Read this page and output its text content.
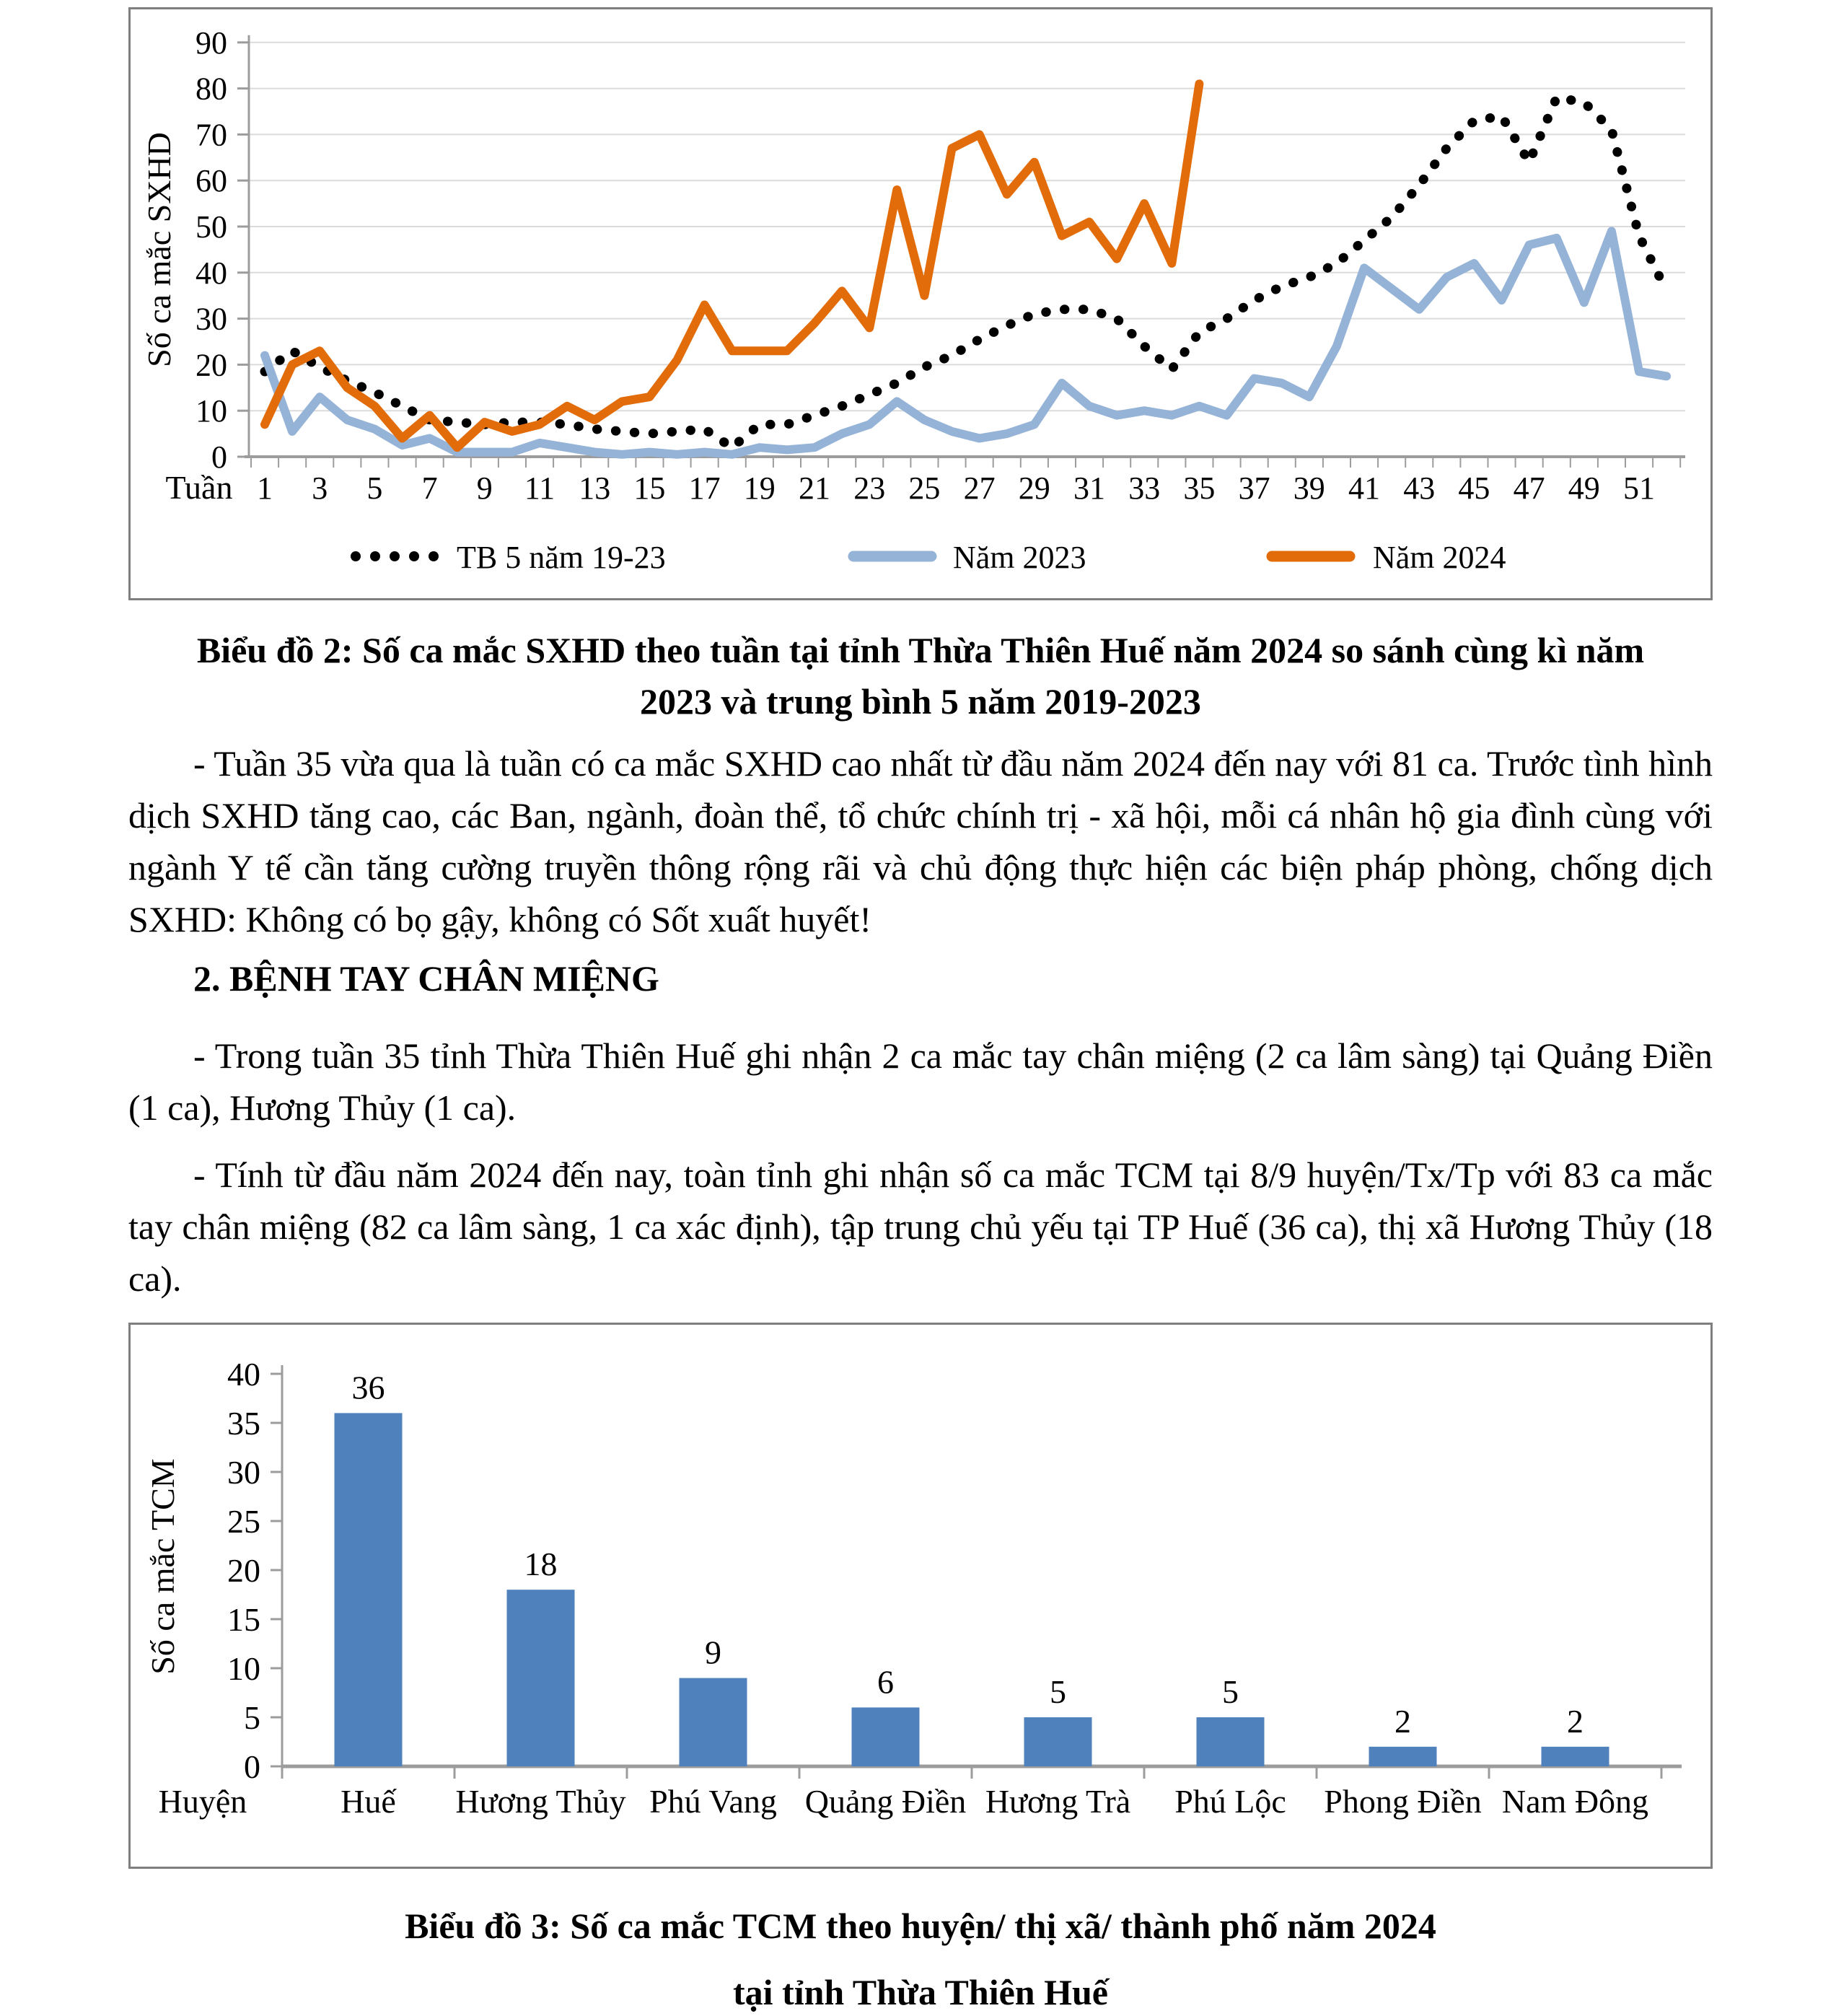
0
10
20
30
40
50
60
70
80
90
1 3 5 7 9 11 13 15 17 19 21 23 25 27 29 31 33 35 37 39 41 43 45 47 49 51
Tuần
Số ca mắc SXHD
TB 5 năm 19-23	Năm 2023	Năm 2024
Biểu đồ 2: Số ca mắc SXHD theo tuần tại tỉnh Thừa Thiên Huế năm 2024 so sánh cùng kì năm
2023 và trung bình 5 năm 2019-2023

- Tuần 35 vừa qua là tuần có ca mắc SXHD cao nhất từ đầu năm 2024 đến nay với 81 ca. Trước tình hình dịch SXHD tăng cao, các Ban, ngành, đoàn thể, tổ chức chính trị - xã hội, mỗi cá nhân hộ gia đình cùng với ngành Y tế cần tăng cường truyền thông rộng rãi và chủ động thực hiện các biện pháp phòng, chống dịch SXHD: Không có bọ gậy, không có Sốt xuất huyết!

2. BỆNH TAY CHÂN MIỆNG

- Trong tuần 35 tỉnh Thừa Thiên Huế ghi nhận 2 ca mắc tay chân miệng (2 ca lâm sàng) tại Quảng Điền (1 ca), Hương Thủy (1 ca).

- Tính từ đầu năm 2024 đến nay, toàn tỉnh ghi nhận số ca mắc TCM tại 8/9 huyện/Tx/Tp với 83 ca mắc tay chân miệng (82 ca lâm sàng, 1 ca xác định), tập trung chủ yếu tại TP Huế (36 ca), thị xã Hương Thủy (18 ca).

0
5
10
15
20
25
30
35
40	36
Huế
18
Hương Thủy
9
Phú Vang
6
Quảng Điền
5
Hương Trà
5
Phú Lộc
2
Phong Điền
2
Nam Đông
Huyện
Số ca mắc TCM
Biểu đồ 3: Số ca mắc TCM theo huyện/ thị xã/ thành phố năm 2024
tại tỉnh Thừa Thiên Huế
